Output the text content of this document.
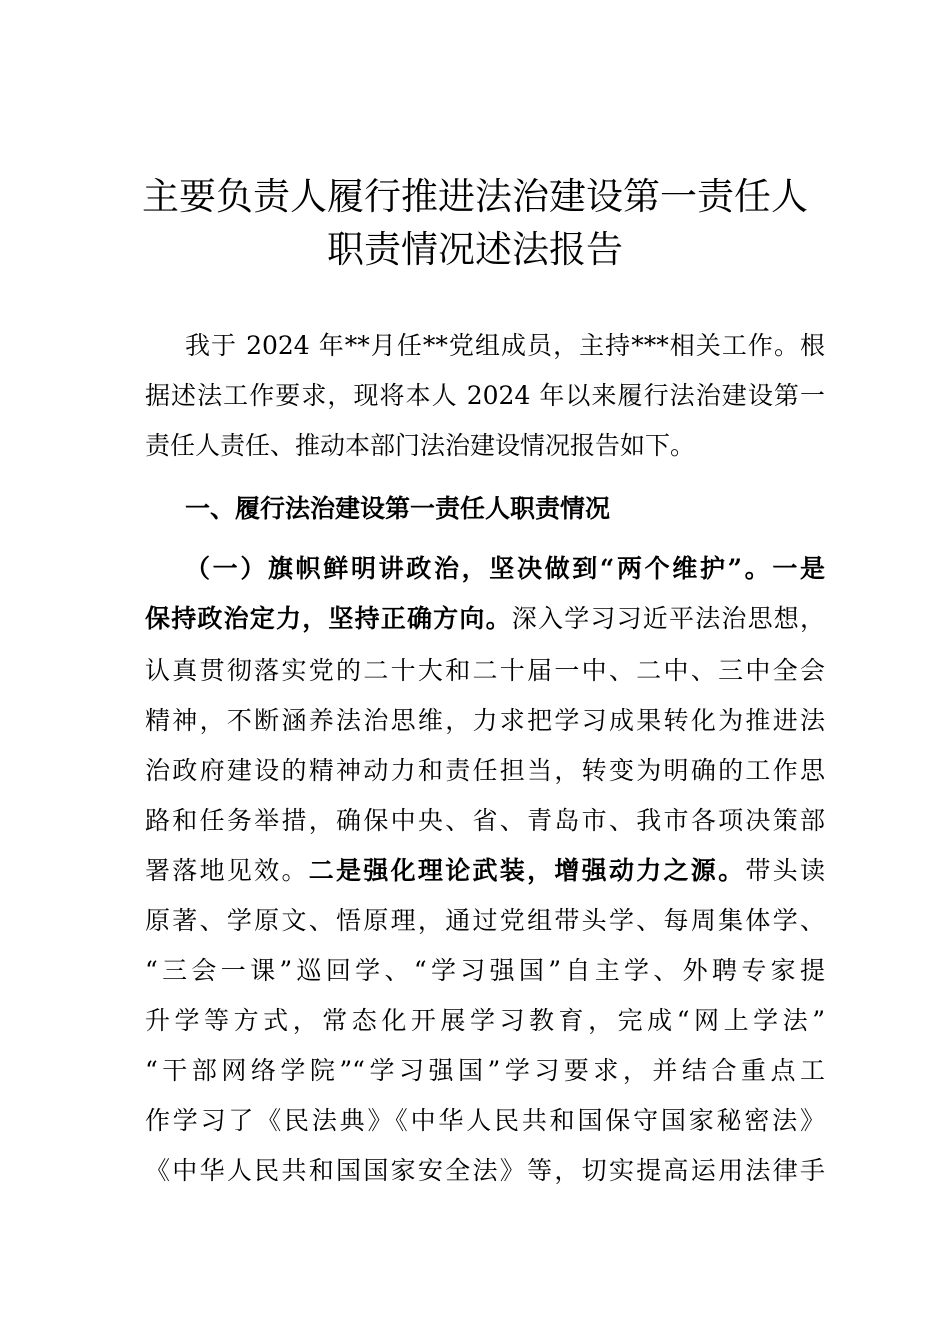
主要负责人履行推进法治建设第一责任人
职责情况述法报告

我于 2024 年**月任**党组成员，主持***相关工作。根

据述法工作要求，现将本人 2024 年以来履行法治建设第一

责任人责任、推动本部门法治建设情况报告如下。

一、履行法治建设第一责任人职责情况

（一）旗帜鲜明讲政治，坚决做到“两个维护”。一是

保持政治定力，坚持正确方向。深入学习习近平法治思想，

认真贯彻落实党的二十大和二十届一中、二中、三中全会

精神，不断涵养法治思维，力求把学习成果转化为推进法

治政府建设的精神动力和责任担当，转变为明确的工作思

路和任务举措，确保中央、省、青岛市、我市各项决策部

署落地见效。二是强化理论武装，增强动力之源。带头读

原著、学原文、悟原理，通过党组带头学、每周集体学、

“三会一课”巡回学、“学习强国”自主学、外聘专家提

升学等方式，常态化开展学习教育，完成“网上学法”

“干部网络学院”“学习强国”学习要求，并结合重点工

作学习了《民法典》《中华人民共和国保守国家秘密法》

《中华人民共和国国家安全法》等，切实提高运用法律手
